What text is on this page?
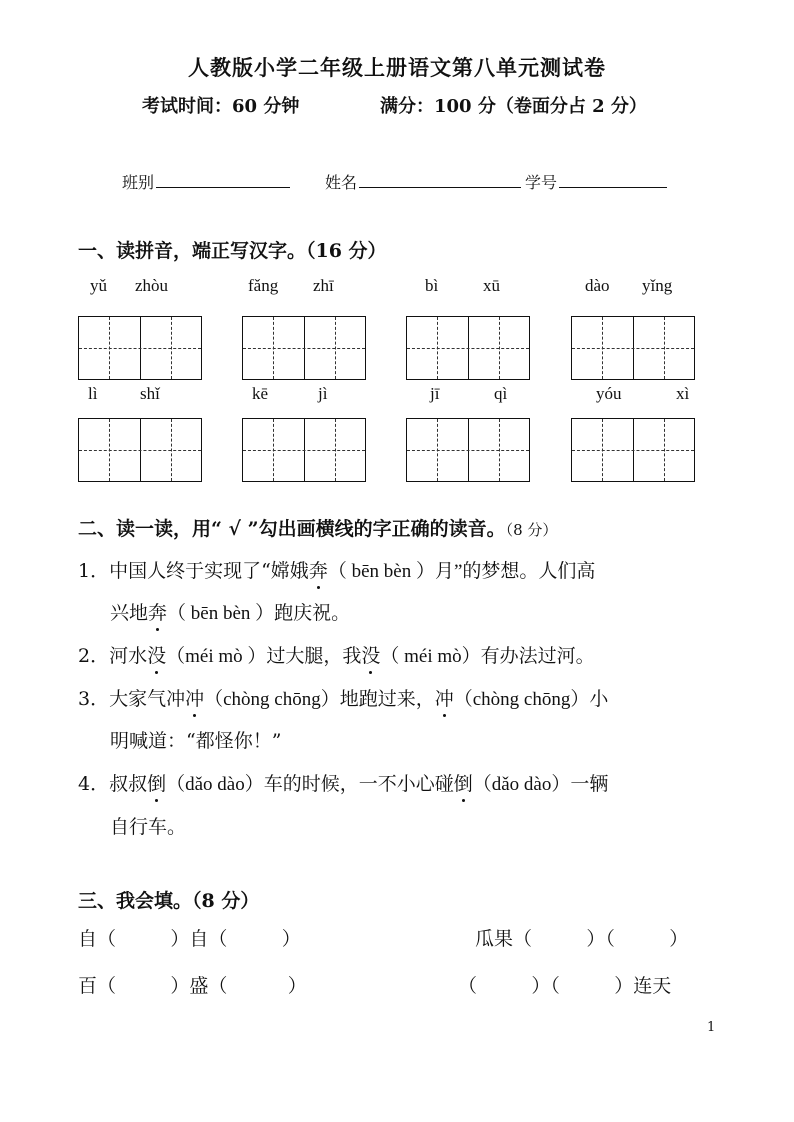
人教版小学二年级上册语文第八单元测试卷
考试时间：60 分钟	满分：100 分（卷面分占 2 分）
班别	姓名	学号
一、读拼音，端正写汉字。（16 分）
yǔ zhòu	fǎng zhī	bì	xū	dào yǐng
lì	shǐ	kē	jì	jī	qì	yóu	xì
二、读一读，用“ √ ”勾出画横线的字正确的读音。（8 分）
1．中国人终于实现了“嫦娥奔（ bēn bèn ）月”的梦想。人们高
兴地奔（ bēn bèn ）跑庆祝。
2．河水没（méi mò ）过大腿，我没（ méi mò）有办法过河。
3．大家气冲冲（chòng chōng）地跑过来，冲（chòng chōng）小
明喊道：“都怪你！”
4．叔叔倒（dǎo dào）车的时候，一不小心碰倒（dǎo dào）一辆
自行车。
三、我会填。（8 分）
自（         ）自（         ）	瓜果（         ）（         ）
百（         ）盛（          ）	（         ）（         ）连天
1
